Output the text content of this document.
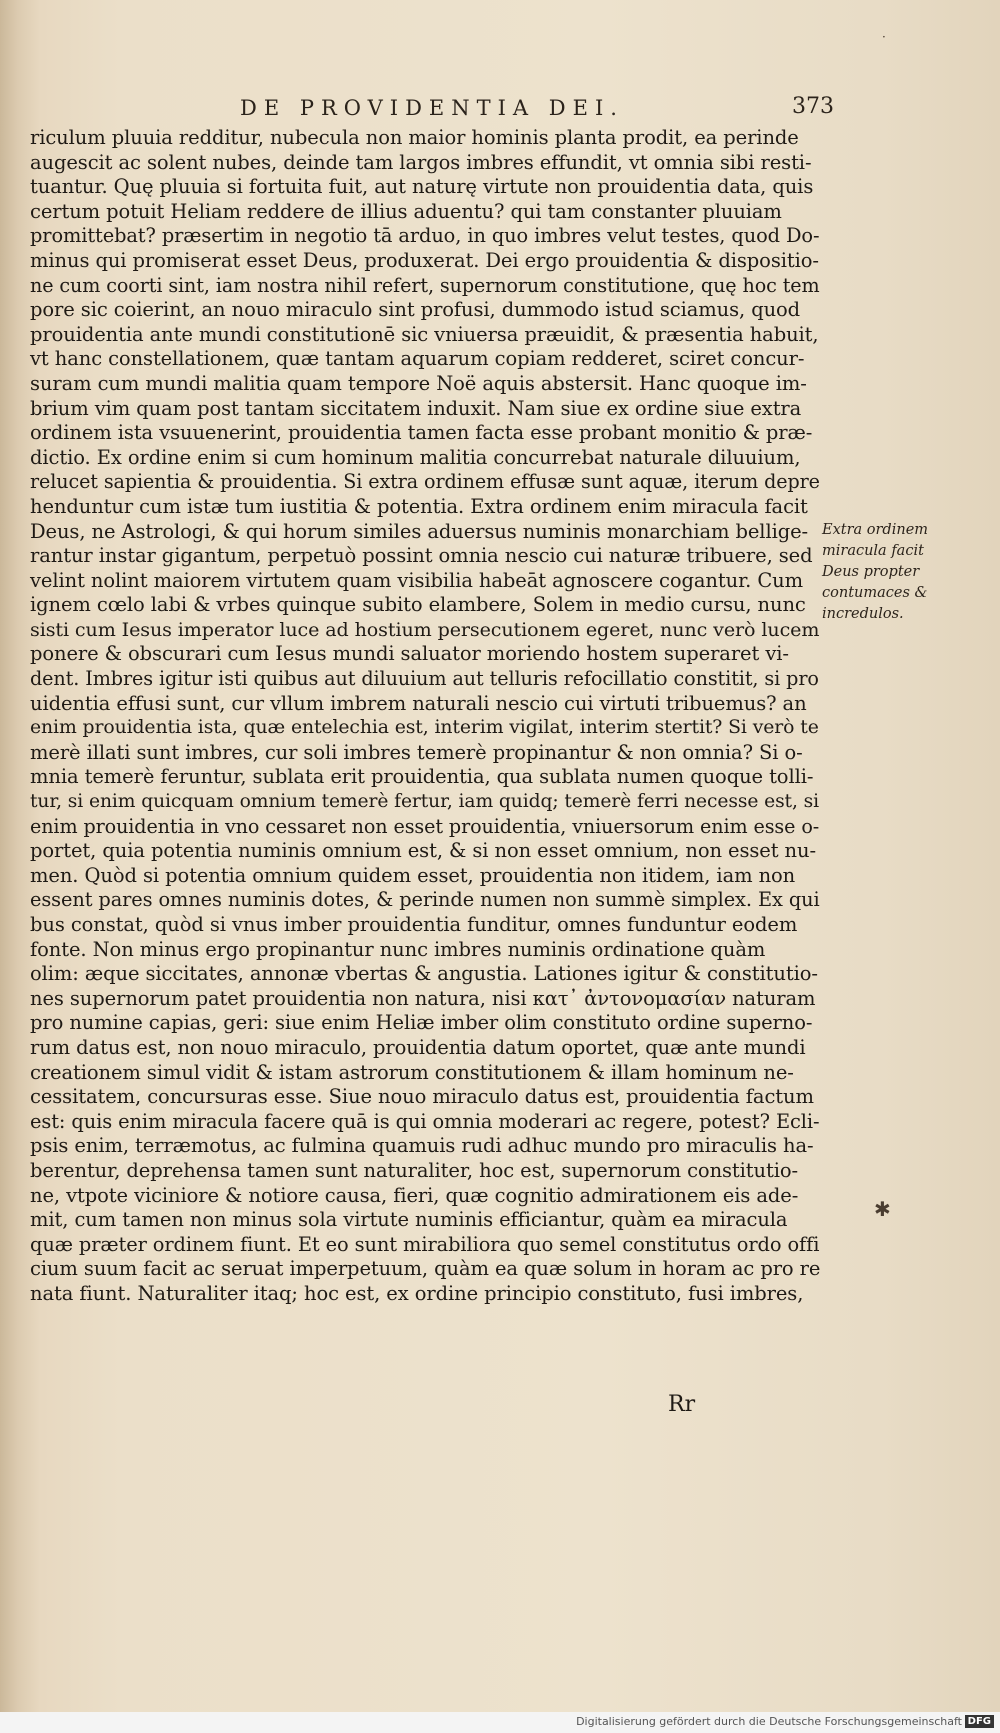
DE PROVIDENTIA DEI.	373
·
riculum pluuia redditur, nubecula non maior hominis planta prodit, ea perinde
augescit ac solent nubes, deinde tam largos imbres effundit, vt omnia sibi resti-
tuantur. Quę pluuia si fortuita fuit, aut naturę virtute non prouidentia data, quis
certum potuit Heliam reddere de illius aduentu? qui tam constanter pluuiam
promittebat? præsertim in negotio tā arduo, in quo imbres velut testes, quod Do-
minus qui promiserat esset Deus, produxerat. Dei ergo prouidentia & dispositio-
ne cum coorti sint, iam nostra nihil refert, supernorum constitutione, quę hoc tem
pore sic coierint, an nouo miraculo sint profusi, dummodo istud sciamus, quod
prouidentia ante mundi constitutionē sic vniuersa præuidit, & præsentia habuit,
vt hanc constellationem, quæ tantam aquarum copiam redderet, sciret concur-
suram cum mundi malitia quam tempore Noë aquis abstersit. Hanc quoque im-
brium vim quam post tantam siccitatem induxit. Nam siue ex ordine siue extra
ordinem ista vsuuenerint, prouidentia tamen facta esse probant monitio & præ-
dictio. Ex ordine enim si cum hominum malitia concurrebat naturale diluuium,
relucet sapientia & prouidentia. Si extra ordinem effusæ sunt aquæ, iterum depre
henduntur cum istæ tum iustitia & potentia. Extra ordinem enim miracula facit
Deus, ne Astrologi, & qui horum similes aduersus numinis monarchiam bellige-
rantur instar gigantum, perpetuò possint omnia nescio cui naturæ tribuere, sed
velint nolint maiorem virtutem quam visibilia habeāt agnoscere cogantur. Cum
ignem cœlo labi & vrbes quinque subito elambere, Solem in medio cursu, nunc
sisti cum Iesus imperator luce ad hostium persecutionem egeret, nunc verò lucem
ponere & obscurari cum Iesus mundi saluator moriendo hostem superaret vi-
dent. Imbres igitur isti quibus aut diluuium aut telluris refocillatio constitit, si pro
uidentia effusi sunt, cur vllum imbrem naturali nescio cui virtuti tribuemus? an
enim prouidentia ista, quæ entelechia est, interim vigilat, interim stertit? Si verò te
merè illati sunt imbres, cur soli imbres temerè propinantur & non omnia? Si o-
mnia temerè feruntur, sublata erit prouidentia, qua sublata numen quoque tolli-
tur, si enim quicquam omnium temerè fertur, iam quidq; temerè ferri necesse est, si
enim prouidentia in vno cessaret non esset prouidentia, vniuersorum enim esse o-
portet, quia potentia numinis omnium est, & si non esset omnium, non esset nu-
men. Quòd si potentia omnium quidem esset, prouidentia non itidem, iam non
essent pares omnes numinis dotes, & perinde numen non summè simplex. Ex qui
bus constat, quòd si vnus imber prouidentia funditur, omnes funduntur eodem
fonte. Non minus ergo propinantur nunc imbres numinis ordinatione quàm
olim: æque siccitates, annonæ vbertas & angustia. Lationes igitur & constitutio-
nes supernorum patet prouidentia non natura, nisi κατ᾽ ἀντονομασίαν naturam
pro numine capias, geri: siue enim Heliæ imber olim constituto ordine superno-
rum datus est, non nouo miraculo, prouidentia datum oportet, quæ ante mundi
creationem simul vidit & istam astrorum constitutionem & illam hominum ne-
cessitatem, concursuras esse. Siue nouo miraculo datus est, prouidentia factum
est: quis enim miracula facere quā is qui omnia moderari ac regere, potest? Ecli-
psis enim, terræmotus, ac fulmina quamuis rudi adhuc mundo pro miraculis ha-
berentur, deprehensa tamen sunt naturaliter, hoc est, supernorum constitutio-
ne, vtpote viciniore & notiore causa, fieri, quæ cognitio admirationem eis ade-
mit, cum tamen non minus sola virtute numinis efficiantur, quàm ea miracula
quæ præter ordinem fiunt. Et eo sunt mirabiliora quo semel constitutus ordo offi
cium suum facit ac seruat imperpetuum, quàm ea quæ solum in horam ac pro re
nata fiunt. Naturaliter itaq; hoc est, ex ordine principio constituto, fusi imbres,
Extra ordinem
miracula facit
Deus propter
contumaces &
incredulos.
Rr
✱
Digitalisierung gefördert durch die Deutsche Forschungsgemeinschaft DFG
